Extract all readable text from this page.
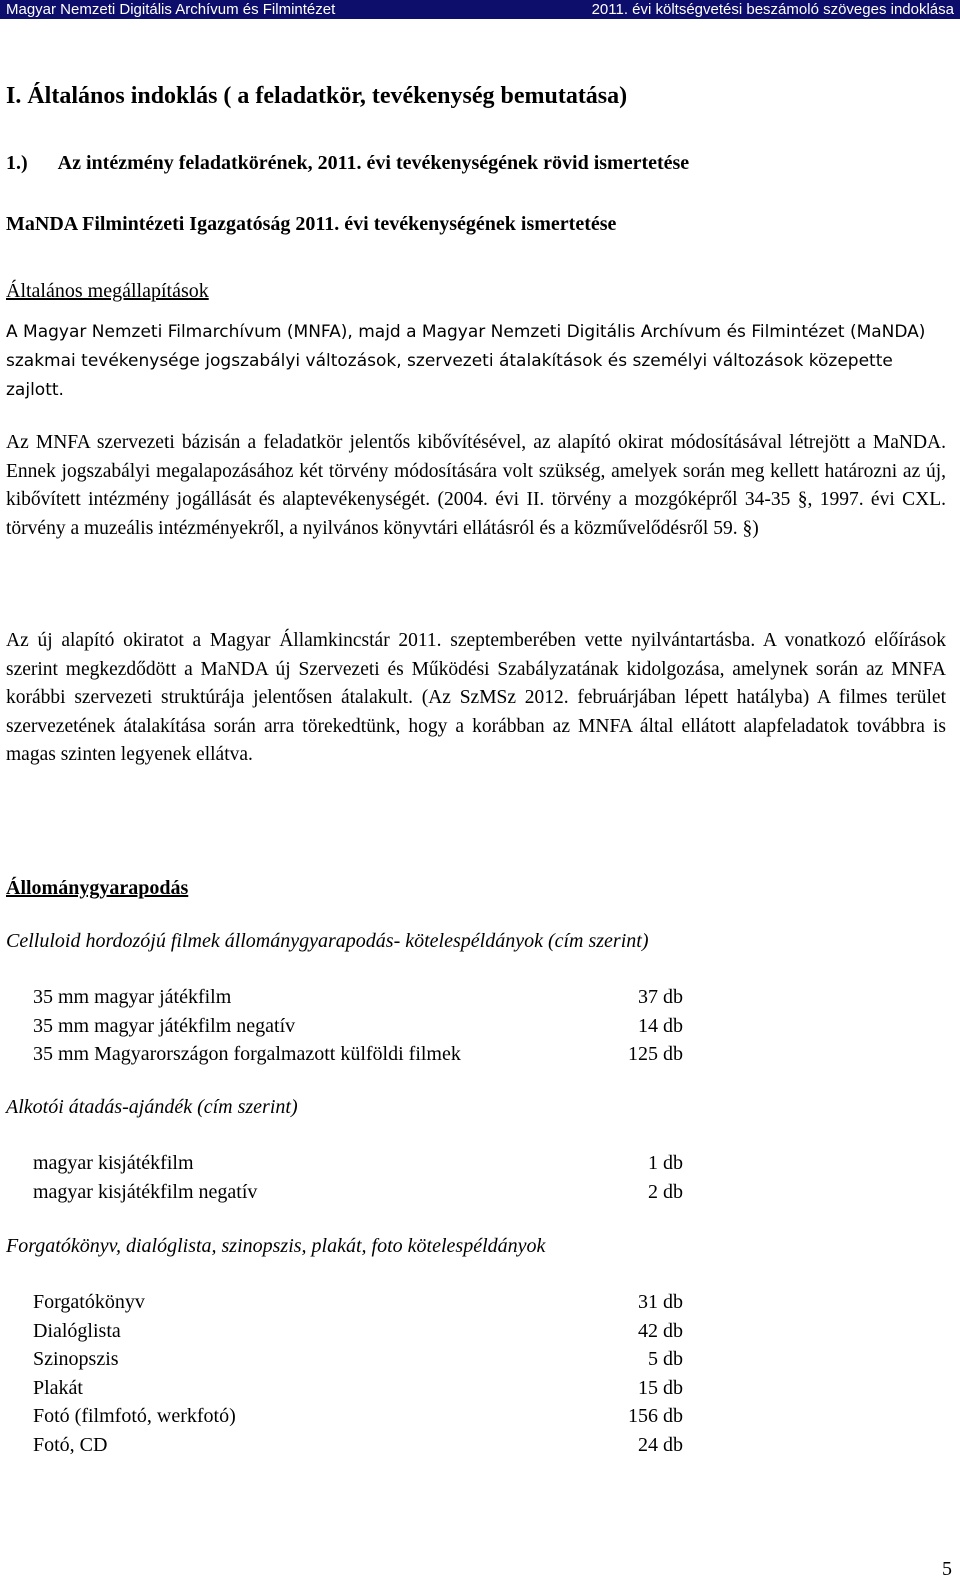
Magyar Nemzeti Digitális Archívum és Filmintézet	2011. évi költségvetési beszámoló szöveges indoklása
I. Általános indoklás ( a feladatkör, tevékenység bemutatása)
1.)      Az intézmény feladatkörének, 2011. évi tevékenységének rövid ismertetése
MaNDA Filmintézeti Igazgatóság 2011. évi tevékenységének ismertetése
Általános megállapítások
A Magyar Nemzeti Filmarchívum (MNFA), majd a Magyar Nemzeti Digitális Archívum és Filmintézet (MaNDA) szakmai tevékenysége jogszabályi változások, szervezeti átalakítások és személyi változások közepette zajlott.
Az MNFA szervezeti bázisán a feladatkör jelentős kibővítésével, az alapító okirat módosításával létrejött a MaNDA. Ennek jogszabályi megalapozásához két törvény módosítására volt szükség, amelyek során meg kellett határozni az új, kibővített intézmény jogállását és alaptevékenységét. (2004. évi II. törvény a mozgóképről 34-35 §, 1997. évi CXL. törvény a muzeális intézményekről, a nyilvános könyvtári ellátásról és a közművelődésről 59. §)
Az új alapító okiratot a Magyar Államkincstár 2011. szeptemberében vette nyilvántartásba. A vonatkozó előírások szerint megkezdődött a MaNDA új Szervezeti és Működési Szabályzatának kidolgozása, amelynek során az MNFA korábbi szervezeti struktúrája jelentősen átalakult. (Az SzMSz 2012. februárjában lépett hatályba) A filmes terület szervezetének átalakítása során arra törekedtünk, hogy a korábban az MNFA által ellátott alapfeladatok továbbra is magas szinten legyenek ellátva.
Állománygyarapodás
Celluloid hordozójú filmek állománygyarapodás- kötelespéldányok (cím szerint)
35 mm magyar játékfilm	37 db
35 mm magyar játékfilm negatív	14 db
35 mm Magyarországon forgalmazott külföldi filmek	125 db
Alkotói átadás-ajándék (cím szerint)
magyar kisjátékfilm	1 db
magyar kisjátékfilm negatív	2 db
Forgatókönyv, dialóglista, szinopszis, plakát, foto kötelespéldányok
Forgatókönyv	31 db
Dialóglista	42 db
Szinopszis	5 db
Plakát	15 db
Fotó (filmfotó, werkfotó)	156 db
Fotó, CD	24 db
5
